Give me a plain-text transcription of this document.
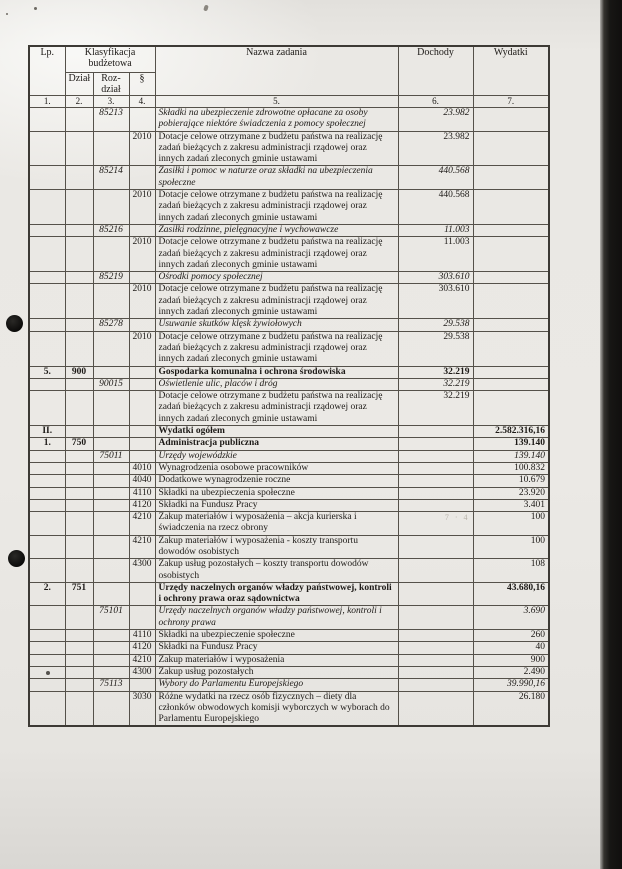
Lp.	Klasyfikacja budżetowa			Nazwa zadania	Dochody	Wydatki
	Dział	Roz-dział	§			
1.	2.	3.	4.	5.	6.	7.
		85213		Składki na ubezpieczenie zdrowotne opłacane za osoby pobierające niektóre świadczenia z pomocy społecznej	23.982	
			2010	Dotacje celowe otrzymane z budżetu państwa na realizację zadań bieżących z zakresu administracji rządowej oraz innych zadań zleconych gminie ustawami	23.982	
		85214		Zasiłki i pomoc w naturze oraz składki na ubezpieczenia społeczne	440.568	
			2010	Dotacje celowe otrzymane z budżetu państwa na realizację zadań bieżących z zakresu administracji rządowej oraz innych zadań zleconych gminie ustawami	440.568	
		85216		Zasiłki rodzinne, pielęgnacyjne i wychowawcze	11.003	
			2010	Dotacje celowe otrzymane z budżetu państwa na realizację zadań bieżących z zakresu administracji rządowej oraz innych zadań zleconych gminie ustawami	11.003	
		85219		Ośrodki pomocy społecznej	303.610	
			2010	Dotacje celowe otrzymane z budżetu państwa na realizację zadań bieżących z zakresu administracji rządowej oraz innych zadań zleconych gminie ustawami	303.610	
		85278		Usuwanie skutków klęsk żywiołowych	29.538	
			2010	Dotacje celowe otrzymane z budżetu państwa na realizację zadań bieżących z zakresu administracji rządowej oraz innych zadań zleconych gminie ustawami	29.538	
5.	900			Gospodarka komunalna i ochrona środowiska	32.219	
		90015		Oświetlenie ulic, placów i dróg	32.219	
				Dotacje celowe otrzymane z budżetu państwa na realizację zadań bieżących z zakresu administracji rządowej oraz innych zadań zleconych gminie ustawami	32.219	
II.				Wydatki ogółem		2.582.316,16
1.	750			Administracja publiczna		139.140
		75011		Urzędy wojewódzkie		139.140
			4010	Wynagrodzenia osobowe pracowników		100.832
			4040	Dodatkowe wynagrodzenie roczne		10.679
			4110	Składki na ubezpieczenia społeczne		23.920
			4120	Składki na Fundusz Pracy		3.401
			4210	Zakup materiałów i wyposażenia – akcja kurierska i świadczenia na rzecz obrony	7 · 4	100
			4210	Zakup materiałów i wyposażenia - koszty transportu dowodów osobistych		100
			4300	Zakup usług pozostałych – koszty transportu dowodów osobistych		108
2.	751			Urzędy naczelnych organów władzy państwowej, kontroli i ochrony prawa oraz sądownictwa		43.680,16
		75101		Urzędy naczelnych organów władzy państwowej, kontroli i ochrony prawa		3.690
			4110	Składki na ubezpieczenie społeczne		260
			4120	Składki na Fundusz Pracy		40
			4210	Zakup materiałów i wyposażenia		900
			4300	Zakup usług pozostałych		2.490
		75113		Wybory do Parlamentu Europejskiego		39.990,16
			3030	Różne wydatki na rzecz osób fizycznych – diety dla członków obwodowych komisji wyborczych w wyborach do Parlamentu Europejskiego		26.180
